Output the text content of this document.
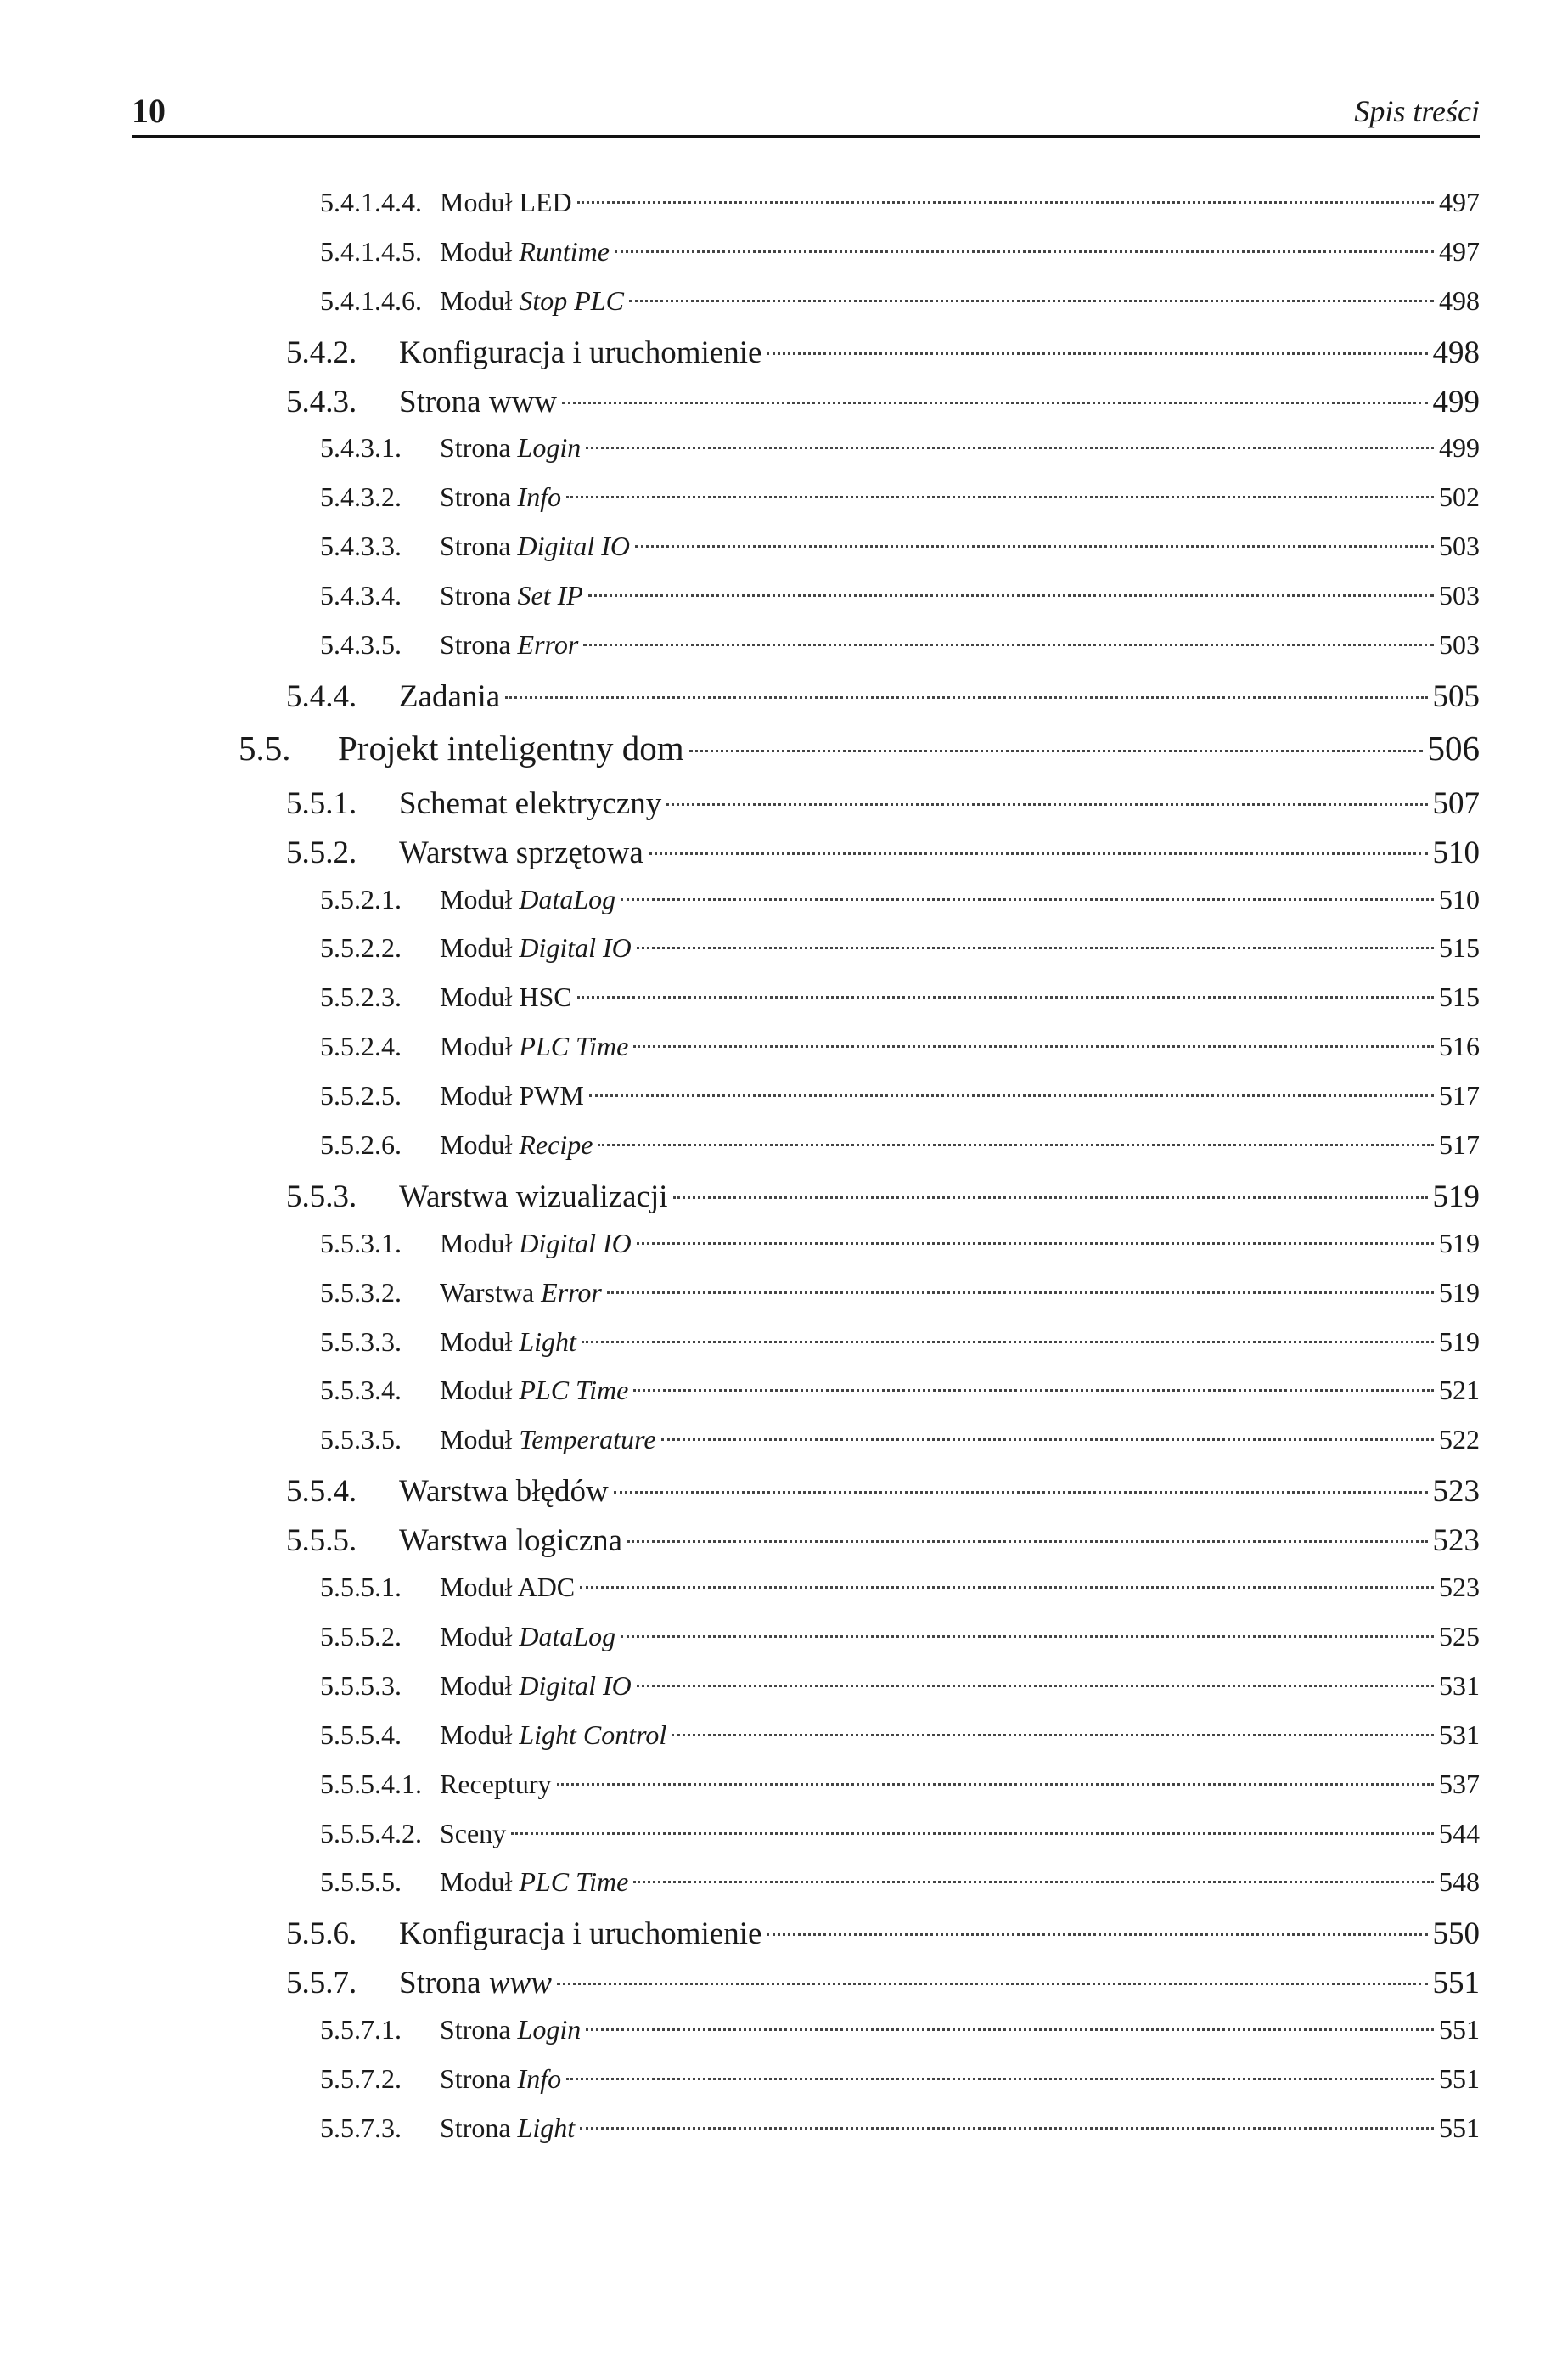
10	Spis treści
5.4.1.4.4. Moduł LED	497
5.4.1.4.5. Moduł Runtime	497
5.4.1.4.6. Moduł Stop PLC	498
5.4.2. Konfiguracja i uruchomienie	498
5.4.3. Strona www	499
5.4.3.1. Strona Login	499
5.4.3.2. Strona Info	502
5.4.3.3. Strona Digital IO	503
5.4.3.4. Strona Set IP	503
5.4.3.5. Strona Error	503
5.4.4. Zadania	505
5.5. Projekt inteligentny dom	506
5.5.1. Schemat elektryczny	507
5.5.2. Warstwa sprzętowa	510
5.5.2.1. Moduł DataLog	510
5.5.2.2. Moduł Digital IO	515
5.5.2.3. Moduł HSC	515
5.5.2.4. Moduł PLC Time	516
5.5.2.5. Moduł PWM	517
5.5.2.6. Moduł Recipe	517
5.5.3. Warstwa wizualizacji	519
5.5.3.1. Moduł Digital IO	519
5.5.3.2. Warstwa Error	519
5.5.3.3. Moduł Light	519
5.5.3.4. Moduł PLC Time	521
5.5.3.5. Moduł Temperature	522
5.5.4. Warstwa błędów	523
5.5.5. Warstwa logiczna	523
5.5.5.1. Moduł ADC	523
5.5.5.2. Moduł DataLog	525
5.5.5.3. Moduł Digital IO	531
5.5.5.4. Moduł Light Control	531
5.5.5.4.1. Receptury	537
5.5.5.4.2. Sceny	544
5.5.5.5. Moduł PLC Time	548
5.5.6. Konfiguracja i uruchomienie	550
5.5.7. Strona www	551
5.5.7.1. Strona Login	551
5.5.7.2. Strona Info	551
5.5.7.3. Strona Light	551
